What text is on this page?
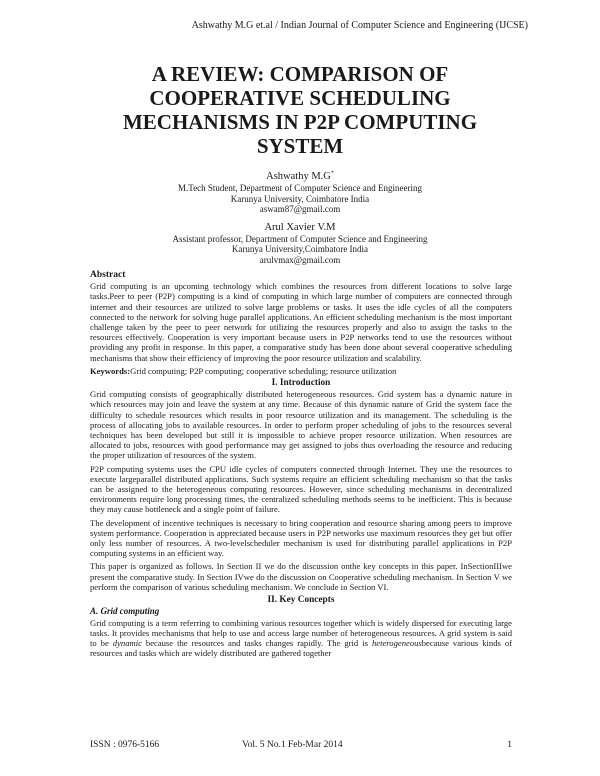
Ashwathy M.G et.al / Indian Journal of Computer Science and Engineering (IJCSE)
A REVIEW: COMPARISON OF COOPERATIVE SCHEDULING MECHANISMS IN P2P COMPUTING SYSTEM
Ashwathy M.G*
M.Tech Student, Department of Computer Science and Engineering
Karunya University, Coimbatore India
aswam87@gmail.com
Arul Xavier V.M
Assistant professor, Department of Computer Science and Engineering
Karunya University,Coimbatore India
arulvmax@gmail.com
Abstract
Grid computing is an upcoming technology which combines the resources from different locations to solve large tasks.Peer to peer (P2P) computing is a kind of computing in which large number of computers are connected through internet and their resources are utilized to solve large problems or tasks. It uses the idle cycles of all the computers connected to the network for solving huge parallel applications. An efficient scheduling mechanism is the most important challenge taken by the peer to peer network for utilizing the resources properly and also to assign the tasks to the resources effectively. Cooperation is very important because users in P2P networks tend to use the resources without providing any profit in response. In this paper, a comparative study has been done about several cooperative scheduling mechanisms that show their efficiency of improving the poor resource utilization and scalability.
Keywords:Grid computing; P2P computing; cooperative scheduling; resource utilization
I. Introduction
Grid computing consists of geographically distributed heterogeneous resources. Grid system has a dynamic nature in which resources may join and leave the system at any time. Because of this dynamic nature of Grid the system face the difficulty to schedule resources which results in poor resource utilization and its management. The scheduling is the process of allocating jobs to available resources. In order to perform proper scheduling of jobs to the resources several techniques has been developed but still it is impossible to achieve proper resource utilization. When resources are allocated to jobs, resources with good performance may get assigned to jobs thus overloading the resource and reducing the proper utilization of resources of the system.
P2P computing systems uses the CPU idle cycles of computers connected through Internet. They use the resources to execute largeparallel distributed applications. Such systems require an efficient scheduling mechanism so that the tasks can be assigned to the heterogeneous computing resources. However, since scheduling mechanisms in decentralized environments require long processing times, the centralized scheduling methods seems to be inefficient. This is because they may cause bottleneck and a single point of failure.
The development of incentive techniques is necessary to bring cooperation and resource sharing among peers to improve system performance. Cooperation is appreciated because users in P2P networks use maximum resources they get but offer only less number of resources. A two-levelscheduler mechanism is used for distributing parallel applications in P2P computing systems in an efficient way.
This paper is organized as follows. In Section II we do the discussion onthe key concepts in this paper. InSectionIIIwe present the comparative study. In Section IVwe do the discussion on Cooperative scheduling mechanism. In Section V we perform the comparison of various scheduling mechanism. We conclude in Section VI.
II. Key Concepts
A. Grid computing
Grid computing is a term referring to combining various resources together which is widely dispersed for executing large tasks. It provides mechanisms that help to use and access large number of heterogeneous resources. A grid system is said to be dynamic because the resources and tasks changes rapidly. The grid is heterogeneousbecause various kinds of resources and tasks which are widely distributed are gathered together
ISSN : 0976-5166	Vol. 5 No.1 Feb-Mar 2014	1
